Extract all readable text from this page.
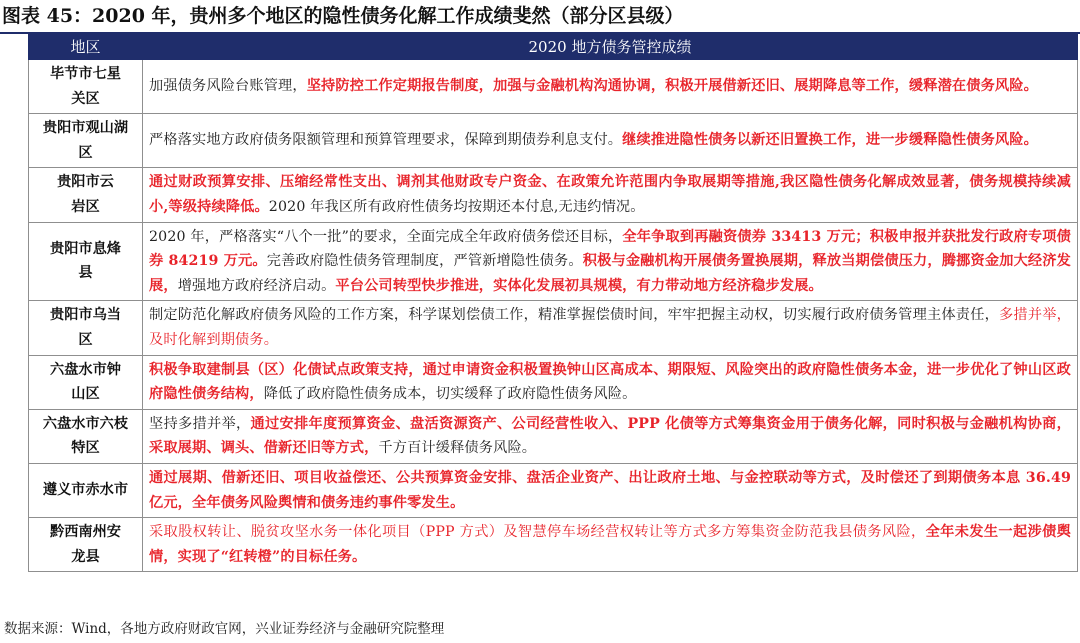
图表 45：2020 年，贵州多个地区的隐性债务化解工作成绩斐然（部分区县级）
地区	2020 地方债务管控成绩

毕节市七星关区	加强债务风险台账管理，坚持防控工作定期报告制度，加强与金融机构沟通协调，积极开展借新还旧、展期降息等工作，缓释潜在债务风险。

贵阳市观山湖区	严格落实地方政府债务限额管理和预算管理要求，保障到期债券利息支付。继续推进隐性债务以新还旧置换工作，进一步缓释隐性债务风险。

贵阳市云岩区	通过财政预算安排、压缩经常性支出、调剂其他财政专户资金、在政策允许范围内争取展期等措施,我区隐性债务化解成效显著，债务规模持续减小,等级持续降低。2020 年我区所有政府性债务均按期还本付息,无违约情况。

贵阳市息烽县	2020 年，严格落实“八个一批”的要求，全面完成全年政府债务偿还目标，全年争取到再融资债券 33413 万元；积极申报并获批发行政府专项债券 84219 万元。完善政府隐性债务管理制度，严管新增隐性债务。积极与金融机构开展债务置换展期，释放当期偿债压力，腾挪资金加大经济发展，增强地方政府经济启动。平台公司转型快步推进，实体化发展初具规模，有力带动地方经济稳步发展。

贵阳市乌当区	制定防范化解政府债务风险的工作方案，科学谋划偿债工作，精准掌握偿债时间，牢牢把握主动权，切实履行政府债务管理主体责任，多措并举，及时化解到期债务。

六盘水市钟山区	积极争取建制县（区）化债试点政策支持，通过申请资金积极置换钟山区高成本、期限短、风险突出的政府隐性债务本金，进一步优化了钟山区政府隐性债务结构，降低了政府隐性债务成本，切实缓释了政府隐性债务风险。

六盘水市六枝特区	坚持多措并举，通过安排年度预算资金、盘活资源资产、公司经营性收入、PPP 化债等方式筹集资金用于债务化解，同时积极与金融机构协商，采取展期、调头、借新还旧等方式，千方百计缓释债务风险。

遵义市赤水市	通过展期、借新还旧、项目收益偿还、公共预算资金安排、盘活企业资产、出让政府土地、与金控联动等方式，及时偿还了到期债务本息 36.49 亿元，全年债务风险舆情和债务违约事件零发生。

黔西南州安龙县	采取股权转让、脱贫攻坚水务一体化项目（PPP 方式）及智慧停车场经营权转让等方式多方筹集资金防范我县债务风险，全年未发生一起涉债舆情，实现了“红转橙”的目标任务。
数据来源：Wind，各地方政府财政官网，兴业证券经济与金融研究院整理
